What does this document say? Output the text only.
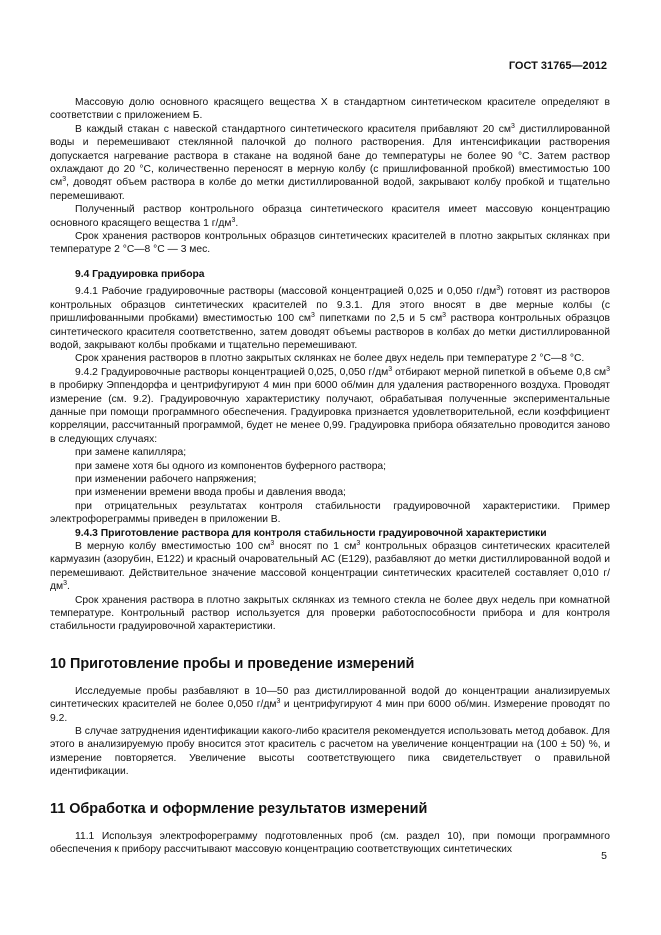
ГОСТ 31765—2012

Массовую долю основного красящего вещества X в стандартном синтетическом красителе определяют в соответствии с приложением Б.

В каждый стакан с навеской стандартного синтетического красителя прибавляют 20 $см^3$ дистиллированной воды и перемешивают стеклянной палочкой до полного растворения. Для интенсификации растворения допускается нагревание раствора в стакане на водяной бане до температуры не более 90 °С. Затем раствор охлаждают до 20 °С, количественно переносят в мерную колбу (с пришлифованной пробкой) вместимостью 100 $см^3$, доводят объем раствора в колбе до метки дистиллированной водой, закрывают колбу пробкой и тщательно перемешивают.

Полученный раствор контрольного образца синтетического красителя имеет массовую концентрацию основного красящего вещества 1 $г/дм^3$.

Срок хранения растворов контрольных образцов синтетических красителей в плотно закрытых склянках при температуре 2 °С—8 °С — 3 мес.

9.4 Градуировка прибора

9.4.1 Рабочие градуировочные растворы (массовой концентрацией 0,025 и 0,050 $г/дм^3$) готовят из растворов контрольных образцов синтетических красителей по 9.3.1. Для этого вносят в две мерные колбы (с пришлифованными пробками) вместимостью 100 $см^3$ пипетками по 2,5 и 5 $см^3$ раствора контрольных образцов синтетического красителя соответственно, затем доводят объемы растворов в колбах до метки дистиллированной водой, закрывают колбы пробками и тщательно перемешивают.

Срок хранения растворов в плотно закрытых склянках не более двух недель при температуре 2 °С—8 °С.

9.4.2 Градуировочные растворы концентрацией 0,025, 0,050 $г/дм^3$ отбирают мерной пипеткой в объеме 0,8 $см^3$ в пробирку Эппендорфа и центрифугируют 4 мин при 6000 об/мин для удаления растворенного воздуха. Проводят измерение (см. 9.2). Градуировочную характеристику получают, обрабатывая полученные экспериментальные данные при помощи программного обеспечения. Градуировка признается удовлетворительной, если коэффициент корреляции, рассчитанный программой, будет не менее 0,99. Градуировка прибора обязательно проводится заново в следующих случаях:

при замене капилляра;

при замене хотя бы одного из компонентов буферного раствора;

при изменении рабочего напряжения;

при изменении времени ввода пробы и давления ввода;

при отрицательных результатах контроля стабильности градуировочной характеристики. Пример электрофореграммы приведен в приложении В.

9.4.3 Приготовление раствора для контроля стабильности градуировочной характеристики

В мерную колбу вместимостью 100 $см^3$ вносят по 1 $см^3$ контрольных образцов синтетических красителей кармуазин (азорубин, Е122) и красный очаровательный АС (Е129), разбавляют до метки дистиллированной водой и перемешивают. Действительное значение массовой концентрации синтетических красителей составляет 0,010 $г/дм^3$.

Срок хранения раствора в плотно закрытых склянках из темного стекла не более двух недель при комнатной температуре. Контрольный раствор используется для проверки работоспособности прибора и для контроля стабильности градуировочной характеристики.

10 Приготовление пробы и проведение измерений

Исследуемые пробы разбавляют в 10—50 раз дистиллированной водой до концентрации анализируемых синтетических красителей не более 0,050 $г/дм^3$ и центрифугируют 4 мин при 6000 об/мин. Измерение проводят по 9.2.

В случае затруднения идентификации какого-либо красителя рекомендуется использовать метод добавок. Для этого в анализируемую пробу вносится этот краситель с расчетом на увеличение концентрации на (100 ± 50) %, и измерение повторяется. Увеличение высоты соответствующего пика свидетельствует о правильной идентификации.

11 Обработка и оформление результатов измерений

11.1 Используя электрофореграмму подготовленных проб (см. раздел 10), при помощи программного обеспечения к прибору рассчитывают массовую концентрацию соответствующих синтетических

5
